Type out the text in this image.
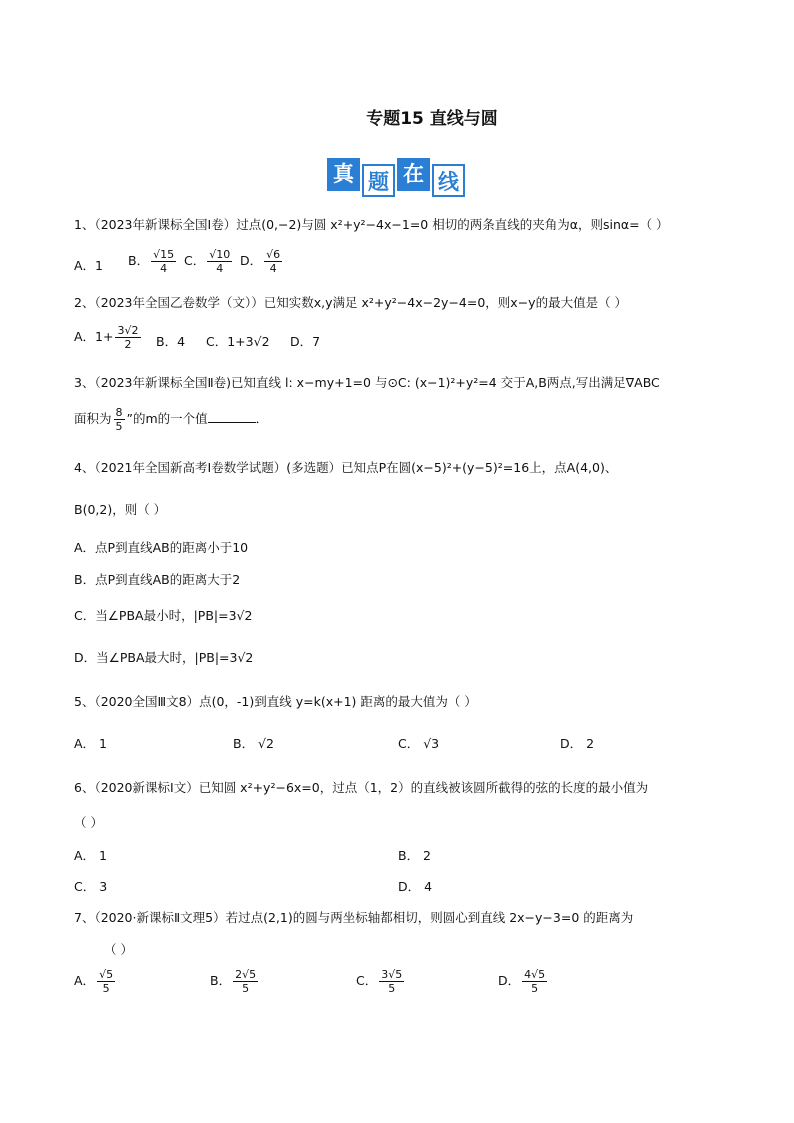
专题15 直线与圆
真 题 在 线
1、（2023年新课标全国Ⅰ卷）过点(0,−2)与圆 x²+y²−4x−1=0 相切的两条直线的夹角为α，则sinα=（ ）
A．1 B． $\frac{√15}{4}$ C． $\frac{√10}{4}$ D． $\frac{√6}{4}$
2、（2023年全国乙卷数学（文））已知实数x,y满足 x²+y²−4x−2y−4=0，则x−y的最大值是（ ）
A．$1+ \frac{3√2}{2}$ B．4 C．1+3√2 D．7
3、（2023年新课标全国Ⅱ卷)已知直线 l: x−my+1=0 与⊙C: (x−1)²+y²=4 交于A,B两点,写出满足∇ABC
面积为 $\frac{8}{5}$ ”的m的一个值	．
4、（2021年全国新高考Ⅰ卷数学试题）(多选题）已知点P在圆(x−5)²+(y−5)²=16上，点A(4,0)、
B(0,2)，则（ ）
A．点P到直线AB的距离小于10
B．点P到直线AB的距离大于2
C．当∠PBA最小时，|PB|=3√2
D．当∠PBA最大时，|PB|=3√2
5、（2020全国Ⅲ文8）点(0，-1)到直线 y=k(x+1) 距离的最大值为（ ）
A． 1	B． √2	C． √3	D． 2
6、（2020新课标Ⅰ文）已知圆 x²+y²−6x=0，过点（1，2）的直线被该圆所截得的弦的长度的最小值为
（ ）
A． 1	B． 2
C． 3	D． 4
7、（2020·新课标Ⅱ文理5）若过点(2,1)的圆与两坐标轴都相切，则圆心到直线 2x−y−3=0 的距离为
（ ）
A． $\frac{√5}{5}$	B． $\frac{2√5}{5}$	C． $\frac{3√5}{5}$	D． $\frac{4√5}{5}$
